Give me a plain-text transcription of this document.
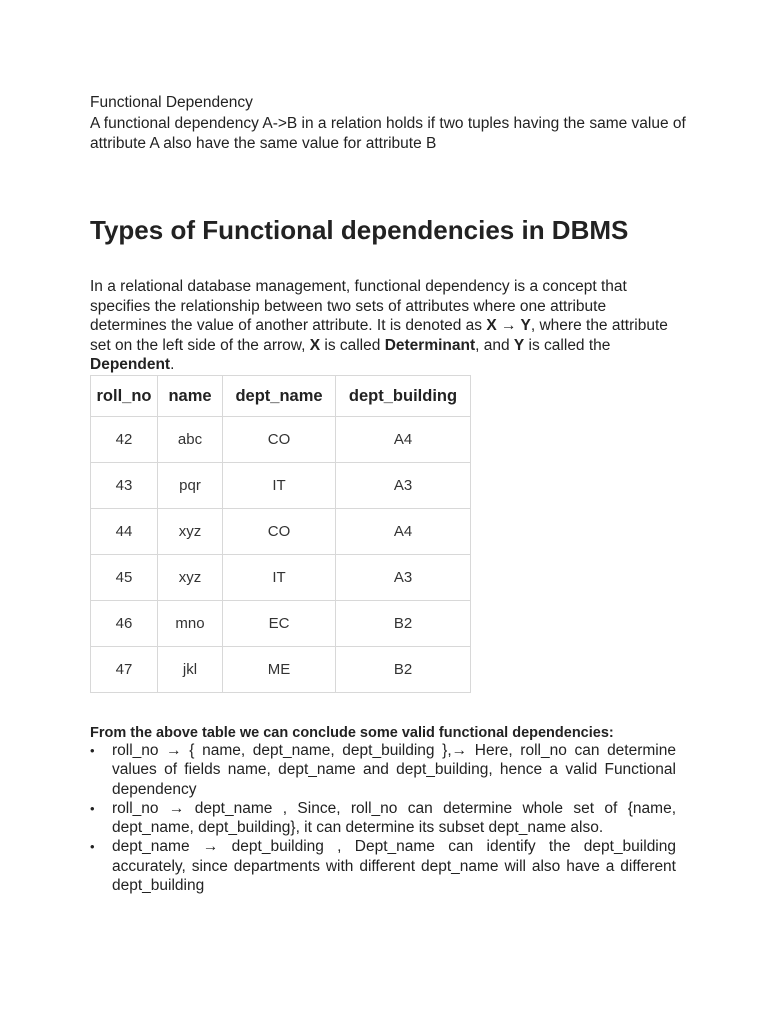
Functional Dependency
A functional dependency A->B in a relation holds if two tuples having the same value of attribute A also have the same value for attribute B
Types of Functional dependencies in DBMS
In a relational database management, functional dependency is a concept that specifies the relationship between two sets of attributes where one attribute determines the value of another attribute. It is denoted as X → Y, where the attribute set on the left side of the arrow, X is called Determinant, and Y is called the Dependent.
roll_no	name	dept_name	dept_building
42	abc	CO	A4
43	pqr	IT	A3
44	xyz	CO	A4
45	xyz	IT	A3
46	mno	EC	B2
47	jkl	ME	B2
From the above table we can conclude some valid functional dependencies:
• roll_no → { name, dept_name, dept_building },→ Here, roll_no can determine values of fields name, dept_name and dept_building, hence a valid Functional dependency
• roll_no → dept_name , Since, roll_no can determine whole set of {name, dept_name, dept_building}, it can determine its subset dept_name also.
• dept_name → dept_building , Dept_name can identify the dept_building accurately, since departments with different dept_name will also have a different dept_building
